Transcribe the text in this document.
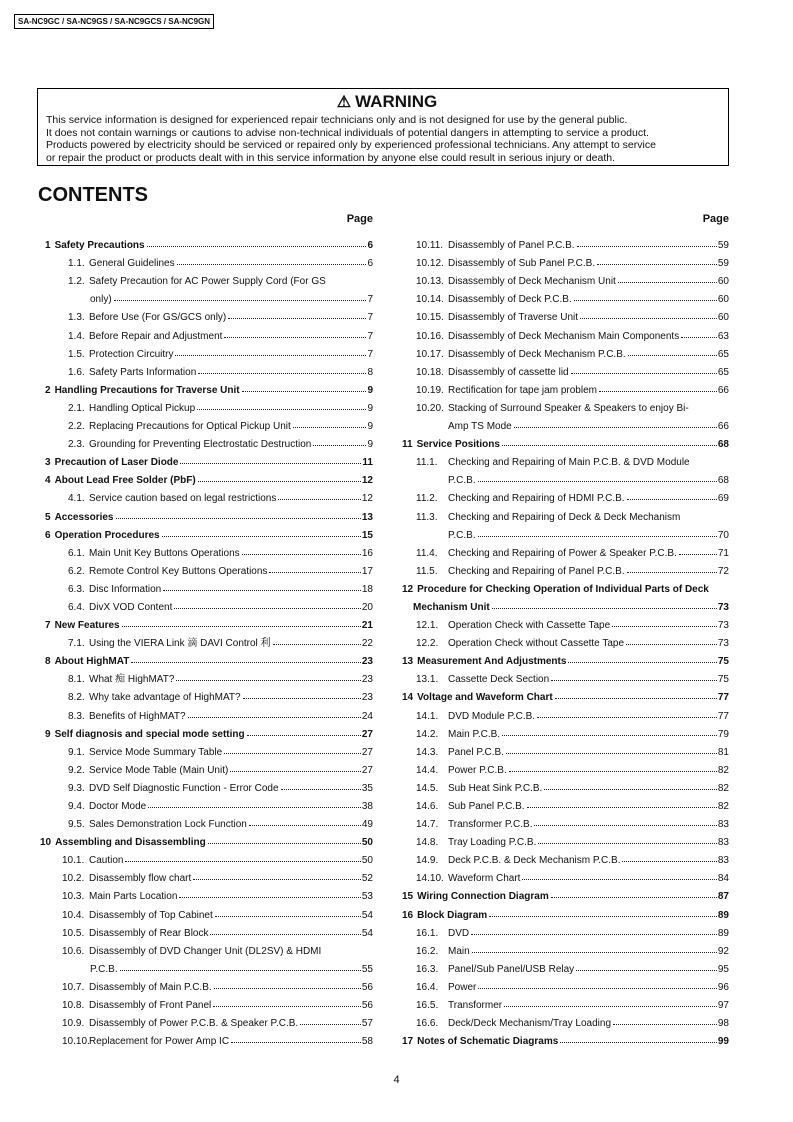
SA-NC9GC / SA-NC9GS / SA-NC9GCS / SA-NC9GN
⚠ WARNING
This service information is designed for experienced repair technicians only and is not designed for use by the general public.
It does not contain warnings or cautions to advise non-technical individuals of potential dangers in attempting to service a product.
Products powered by electricity should be serviced or repaired only by experienced professional technicians. Any attempt to service
or repair the product or products dealt with in this service information by anyone else could result in serious injury or death.
CONTENTS
Page
1 Safety Precautions	6
1.1. General Guidelines	6
1.2. Safety Precaution for AC Power Supply Cord (For GS
only)	7
1.3. Before Use (For GS/GCS only)	7
1.4. Before Repair and Adjustment	7
1.5. Protection Circuitry	7
1.6. Safety Parts Information	8
2 Handling Precautions for Traverse Unit	9
2.1. Handling Optical Pickup	9
2.2. Replacing Precautions for Optical Pickup Unit	9
2.3. Grounding for Preventing Electrostatic Destruction	9
3 Precaution of Laser Diode	11
4 About Lead Free Solder (PbF)	12
4.1. Service caution based on legal restrictions	12
5 Accessories	13
6 Operation Procedures	15
6.1. Main Unit Key Buttons Operations	16
6.2. Remote Control Key Buttons Operations	17
6.3. Disc Information	18
6.4. DivX VOD Content	20
7 New Features	21
7.1. Using the VIERA Link 滴 DAVI Control 利	22
8 About HighMAT	23
8.1. What 痴 HighMAT?	23
8.2. Why take advantage of HighMAT?	23
8.3. Benefits of HighMAT?	24
9 Self diagnosis and special mode setting	27
9.1. Service Mode Summary Table	27
9.2. Service Mode Table (Main Unit)	27
9.3. DVD Self Diagnostic Function - Error Code	35
9.4. Doctor Mode	38
9.5. Sales Demonstration Lock Function	49
10 Assembling and Disassembling	50
10.1. Caution	50
10.2. Disassembly flow chart	52
10.3. Main Parts Location	53
10.4. Disassembly of Top Cabinet	54
10.5. Disassembly of Rear Block	54
10.6. Disassembly of DVD Changer Unit (DL2SV) & HDMI
P.C.B.	55
10.7. Disassembly of Main P.C.B.	56
10.8. Disassembly of Front Panel	56
10.9. Disassembly of Power P.C.B. & Speaker P.C.B.	57
10.10. Replacement for Power Amp IC	58
Page
10.11. Disassembly of Panel P.C.B.	59
10.12. Disassembly of Sub Panel P.C.B.	59
10.13. Disassembly of Deck Mechanism Unit	60
10.14. Disassembly of Deck P.C.B.	60
10.15. Disassembly of Traverse Unit	60
10.16. Disassembly of Deck Mechanism Main Components	63
10.17. Disassembly of Deck Mechanism P.C.B.	65
10.18. Disassembly of cassette lid	65
10.19. Rectification for tape jam problem	66
10.20. Stacking of Surround Speaker & Speakers to enjoy Bi-
Amp TS Mode	66
11 Service Positions	68
11.1.	Checking and Repairing of Main P.C.B. & DVD Module
P.C.B.	68
11.2.	Checking and Repairing of HDMI P.C.B.	69
11.3.	Checking and Repairing of Deck & Deck Mechanism
P.C.B.	70
11.4.	Checking and Repairing of Power & Speaker P.C.B.	71
11.5.	Checking and Repairing of Panel P.C.B.	72
12 Procedure for Checking Operation of Individual Parts of Deck
Mechanism Unit	73
12.1. Operation Check with Cassette Tape	73
12.2. Operation Check without Cassette Tape	73
13 Measurement And Adjustments	75
13.1. Cassette Deck Section	75
14 Voltage and Waveform Chart	77
14.1. DVD Module P.C.B.	77
14.2. Main P.C.B.	79
14.3. Panel P.C.B.	81
14.4. Power P.C.B.	82
14.5. Sub Heat Sink P.C.B.	82
14.6. Sub Panel P.C.B.	82
14.7. Transformer P.C.B.	83
14.8. Tray Loading P.C.B.	83
14.9. Deck P.C.B. & Deck Mechanism P.C.B.	83
14.10. Waveform Chart	84
15 Wiring Connection Diagram	87
16 Block Diagram	89
16.1. DVD	89
16.2. Main	92
16.3. Panel/Sub Panel/USB Relay	95
16.4. Power	96
16.5. Transformer	97
16.6. Deck/Deck Mechanism/Tray Loading	98
17 Notes of Schematic Diagrams	99
4
